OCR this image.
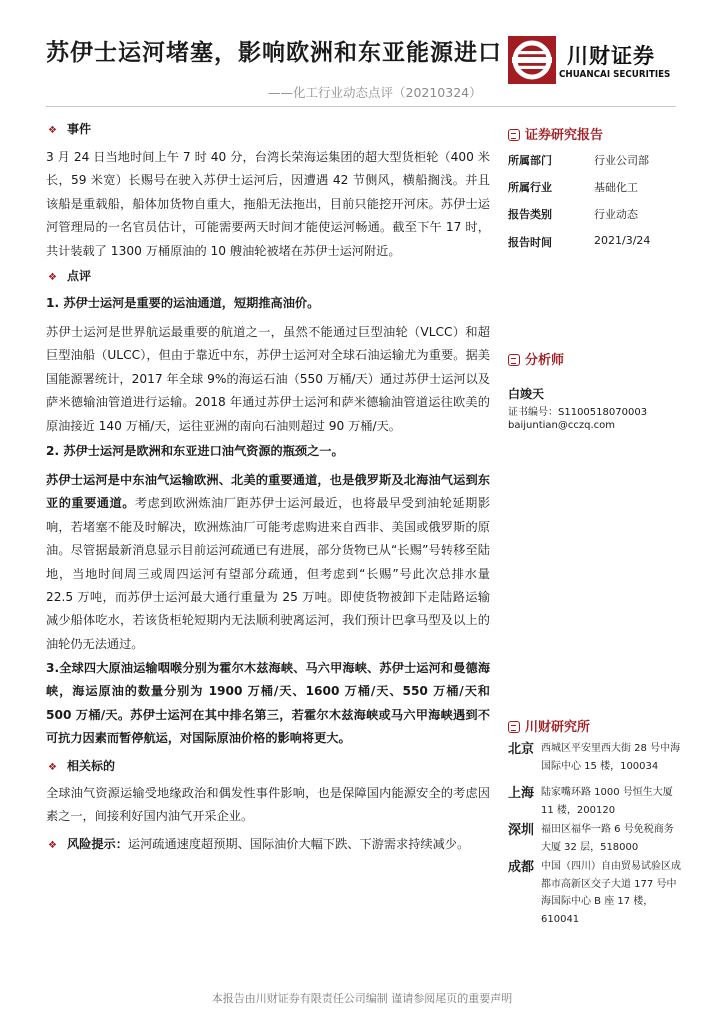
苏伊士运河堵塞，影响欧洲和东亚能源进口
——化工行业动态点评（20210324）
川财证券
CHUANCAI SECURITIES
❖ 事件
3 月 24 日当地时间上午 7 时 40 分，台湾长荣海运集团的超大型货柜轮（400 米长，59 米宽）长赐号在驶入苏伊士运河后，因遭遇 42 节侧风，横船搁浅。并且该船是重载船，船体加货物自重大，拖船无法拖出，目前只能挖开河床。苏伊士运河管理局的一名官员估计，可能需要两天时间才能使运河畅通。截至下午 17 时，共计装载了 1300 万桶原油的 10 艘油轮被堵在苏伊士运河附近。
❖ 点评
1. 苏伊士运河是重要的运油通道，短期推高油价。
苏伊士运河是世界航运最重要的航道之一，虽然不能通过巨型油轮（VLCC）和超巨型油船（ULCC），但由于靠近中东，苏伊士运河对全球石油运输尤为重要。据美国能源署统计，2017 年全球 9%的海运石油（550 万桶/天）通过苏伊士运河以及萨米德输油管道进行运输。2018 年通过苏伊士运河和萨米德输油管道运往欧美的原油接近 140 万桶/天，运往亚洲的南向石油则超过 90 万桶/天。
2. 苏伊士运河是欧洲和东亚进口油气资源的瓶颈之一。
苏伊士运河是中东油气运输欧洲、北美的重要通道，也是俄罗斯及北海油气运到东亚的重要通道。考虑到欧洲炼油厂距苏伊士运河最近，也将最早受到油轮延期影响，若堵塞不能及时解决，欧洲炼油厂可能考虑购进来自西非、美国或俄罗斯的原油。尽管据最新消息显示目前运河疏通已有进展，部分货物已从“长赐”号转移至陆地，当地时间周三或周四运河有望部分疏通，但考虑到“长赐”号此次总排水量 22.5 万吨，而苏伊士运河最大通行重量为 25 万吨。即使货物被卸下走陆路运输减少船体吃水，若该货柜轮短期内无法顺利驶离运河，我们预计巴拿马型及以上的油轮仍无法通过。
3.全球四大原油运输咽喉分别为霍尔木兹海峡、马六甲海峡、苏伊士运河和曼德海峡，海运原油的数量分别为 1900 万桶/天、1600 万桶/天、550 万桶/天和 500 万桶/天。苏伊士运河在其中排名第三，若霍尔木兹海峡或马六甲海峡遇到不可抗力因素而暂停航运，对国际原油价格的影响将更大。
❖ 相关标的
全球油气资源运输受地缘政治和偶发性事件影响，也是保障国内能源安全的考虑因素之一，间接利好国内油气开采企业。
❖ 风险提示：运河疏通速度超预期、国际油价大幅下跌、下游需求持续减少。
证券研究报告
所属部门	行业公司部
所属行业	基础化工
报告类别	行业动态
报告时间	2021/3/24
分析师
白竣天
证书编号：S1100518070003
baijuntian@cczq.com
川财研究所
北京 西城区平安里西大街 28 号中海国际中心 15 楼，100034
上海 陆家嘴环路 1000 号恒生大厦 11 楼，200120
深圳 福田区福华一路 6 号免税商务大厦 32 层，518000
成都 中国（四川）自由贸易试验区成都市高新区交子大道 177 号中海国际中心 B 座 17 楼，610041
本报告由川财证券有限责任公司编制 谨请参阅尾页的重要声明
